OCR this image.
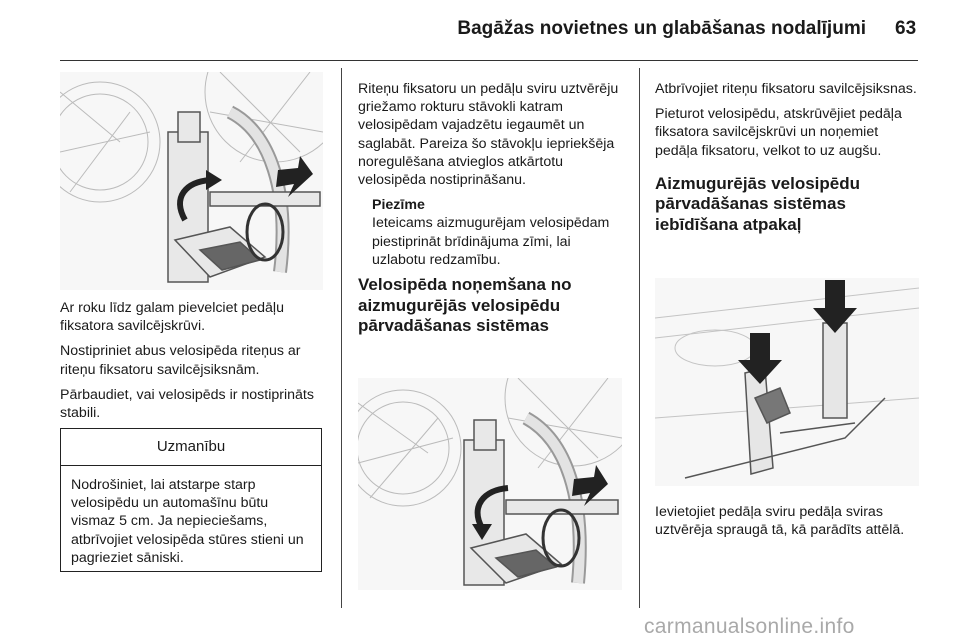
Bagāžas novietnes un glabāšanas nodalījumi 63

Ar roku līdz galam pievelciet pedāļu fiksatora savilcējskrūvi.

Nostipriniet abus velosipēda riteņus ar riteņu fiksatoru savilcējsiksnām.

Pārbaudiet, vai velosipēds ir nostiprināts stabili.

Uzmanību
Nodrošiniet, lai atstarpe starp velosipēdu un automašīnu būtu vismaz 5 cm. Ja nepieciešams, atbrīvojiet velosipēda stūres stieni un pagrieziet sāniski.

Riteņu fiksatoru un pedāļu sviru uztvērēju griežamo rokturu stāvokli katram velosipēdam vajadzētu iegaumēt un saglabāt. Pareiza šo stāvokļu iepriekšēja noregulēšana atvieglos atkārtotu velosipēda nostiprināšanu.

Piezīme
Ieteicams aizmugurējam velosipēdam piestiprināt brīdinājuma zīmi, lai uzlabotu redzamību.
Velosipēda noņemšana no aizmugurējās velosipēdu pārvadāšanas sistēmas

Atbrīvojiet riteņu fiksatoru savilcējsiksnas.

Pieturot velosipēdu, atskrūvējiet pedāļa fiksatora savilcējskrūvi un noņemiet pedāļa fiksatoru, velkot to uz augšu.

Aizmugurējās velosipēdu pārvadāšanas sistēmas iebīdīšana atpakaļ

Ievietojiet pedāļa sviru pedāļa sviras uztvērēja spraugā tā, kā parādīts attēlā.

carmanualsonline.info
